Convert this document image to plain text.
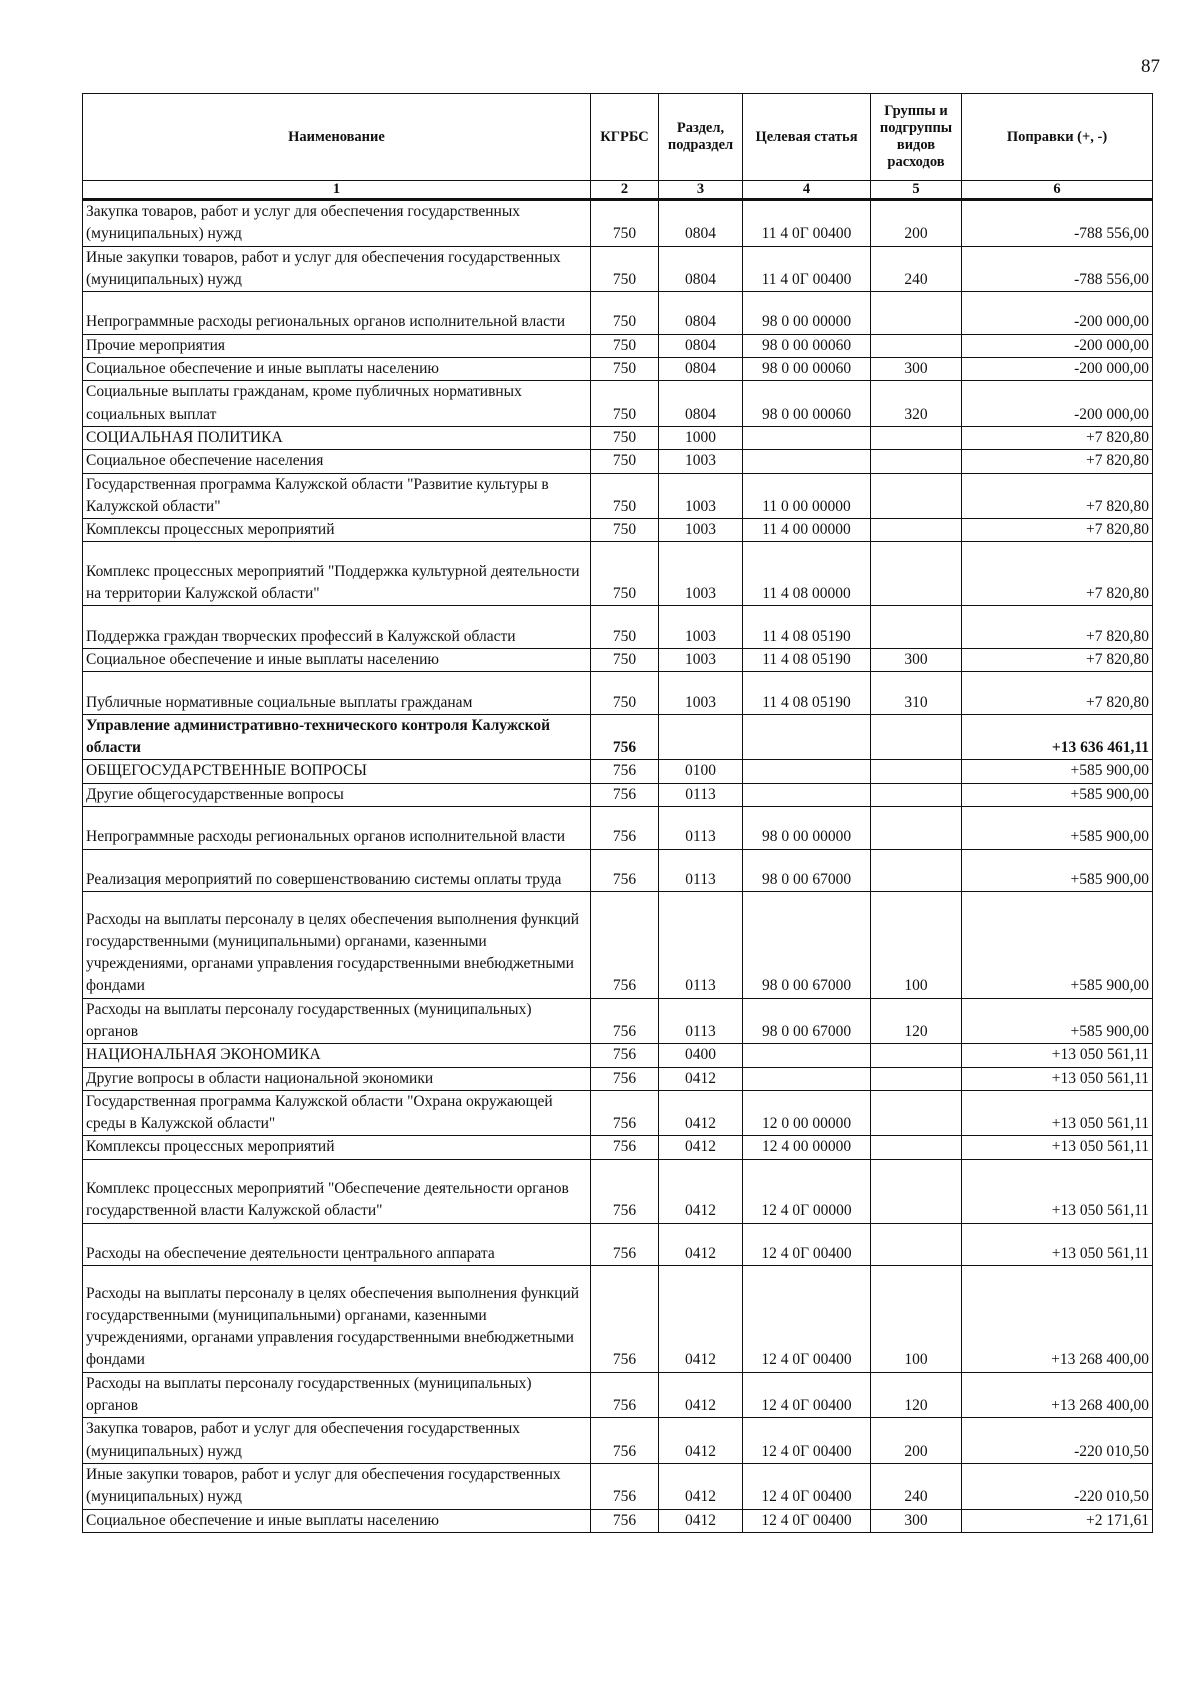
87
Наименование	КГРБС	Раздел, подраздел	Целевая статья	Группы и подгруппы видов расходов	Поправки (+, -)
1	2	3	4	5	6
Закупка товаров, работ и услуг для обеспечения государственных (муниципальных) нужд	750	0804	11 4 0Г 00400	200	-788 556,00
Иные закупки товаров, работ и услуг для обеспечения государственных (муниципальных) нужд	750	0804	11 4 0Г 00400	240	-788 556,00
Непрограммные расходы региональных органов исполнительной власти	750	0804	98 0 00 00000		-200 000,00
Прочие мероприятия	750	0804	98 0 00 00060		-200 000,00
Социальное обеспечение и иные выплаты населению	750	0804	98 0 00 00060	300	-200 000,00
Социальные выплаты гражданам, кроме публичных нормативных социальных выплат	750	0804	98 0 00 00060	320	-200 000,00
СОЦИАЛЬНАЯ ПОЛИТИКА	750	1000			+7 820,80
Социальное обеспечение населения	750	1003			+7 820,80
Государственная программа Калужской области "Развитие культуры в Калужской области"	750	1003	11 0 00 00000		+7 820,80
Комплексы процессных мероприятий	750	1003	11 4 00 00000		+7 820,80
Комплекс процессных мероприятий "Поддержка культурной деятельности на территории Калужской области"	750	1003	11 4 08 00000		+7 820,80
Поддержка граждан творческих профессий в Калужской области	750	1003	11 4 08 05190		+7 820,80
Социальное обеспечение и иные выплаты населению	750	1003	11 4 08 05190	300	+7 820,80
Публичные нормативные социальные выплаты гражданам	750	1003	11 4 08 05190	310	+7 820,80
Управление административно-технического контроля Калужской области	756				+13 636 461,11
ОБЩЕГОСУДАРСТВЕННЫЕ ВОПРОСЫ	756	0100			+585 900,00
Другие общегосударственные вопросы	756	0113			+585 900,00
Непрограммные расходы региональных органов исполнительной власти	756	0113	98 0 00 00000		+585 900,00
Реализация мероприятий по совершенствованию системы оплаты труда	756	0113	98 0 00 67000		+585 900,00
Расходы на выплаты персоналу в целях обеспечения выполнения функций государственными (муниципальными) органами, казенными учреждениями, органами управления государственными внебюджетными фондами	756	0113	98 0 00 67000	100	+585 900,00
Расходы на выплаты персоналу государственных (муниципальных) органов	756	0113	98 0 00 67000	120	+585 900,00
НАЦИОНАЛЬНАЯ ЭКОНОМИКА	756	0400			+13 050 561,11
Другие вопросы в области национальной экономики	756	0412			+13 050 561,11
Государственная программа Калужской области "Охрана окружающей среды в Калужской области"	756	0412	12 0 00 00000		+13 050 561,11
Комплексы процессных мероприятий	756	0412	12 4 00 00000		+13 050 561,11
Комплекс процессных мероприятий "Обеспечение деятельности органов государственной власти Калужской области"	756	0412	12 4 0Г 00000		+13 050 561,11
Расходы на обеспечение деятельности центрального аппарата	756	0412	12 4 0Г 00400		+13 050 561,11
Расходы на выплаты персоналу в целях обеспечения выполнения функций государственными (муниципальными) органами, казенными учреждениями, органами управления государственными внебюджетными фондами	756	0412	12 4 0Г 00400	100	+13 268 400,00
Расходы на выплаты персоналу государственных (муниципальных) органов	756	0412	12 4 0Г 00400	120	+13 268 400,00
Закупка товаров, работ и услуг для обеспечения государственных (муниципальных) нужд	756	0412	12 4 0Г 00400	200	-220 010,50
Иные закупки товаров, работ и услуг для обеспечения государственных (муниципальных) нужд	756	0412	12 4 0Г 00400	240	-220 010,50
Социальное обеспечение и иные выплаты населению	756	0412	12 4 0Г 00400	300	+2 171,61
